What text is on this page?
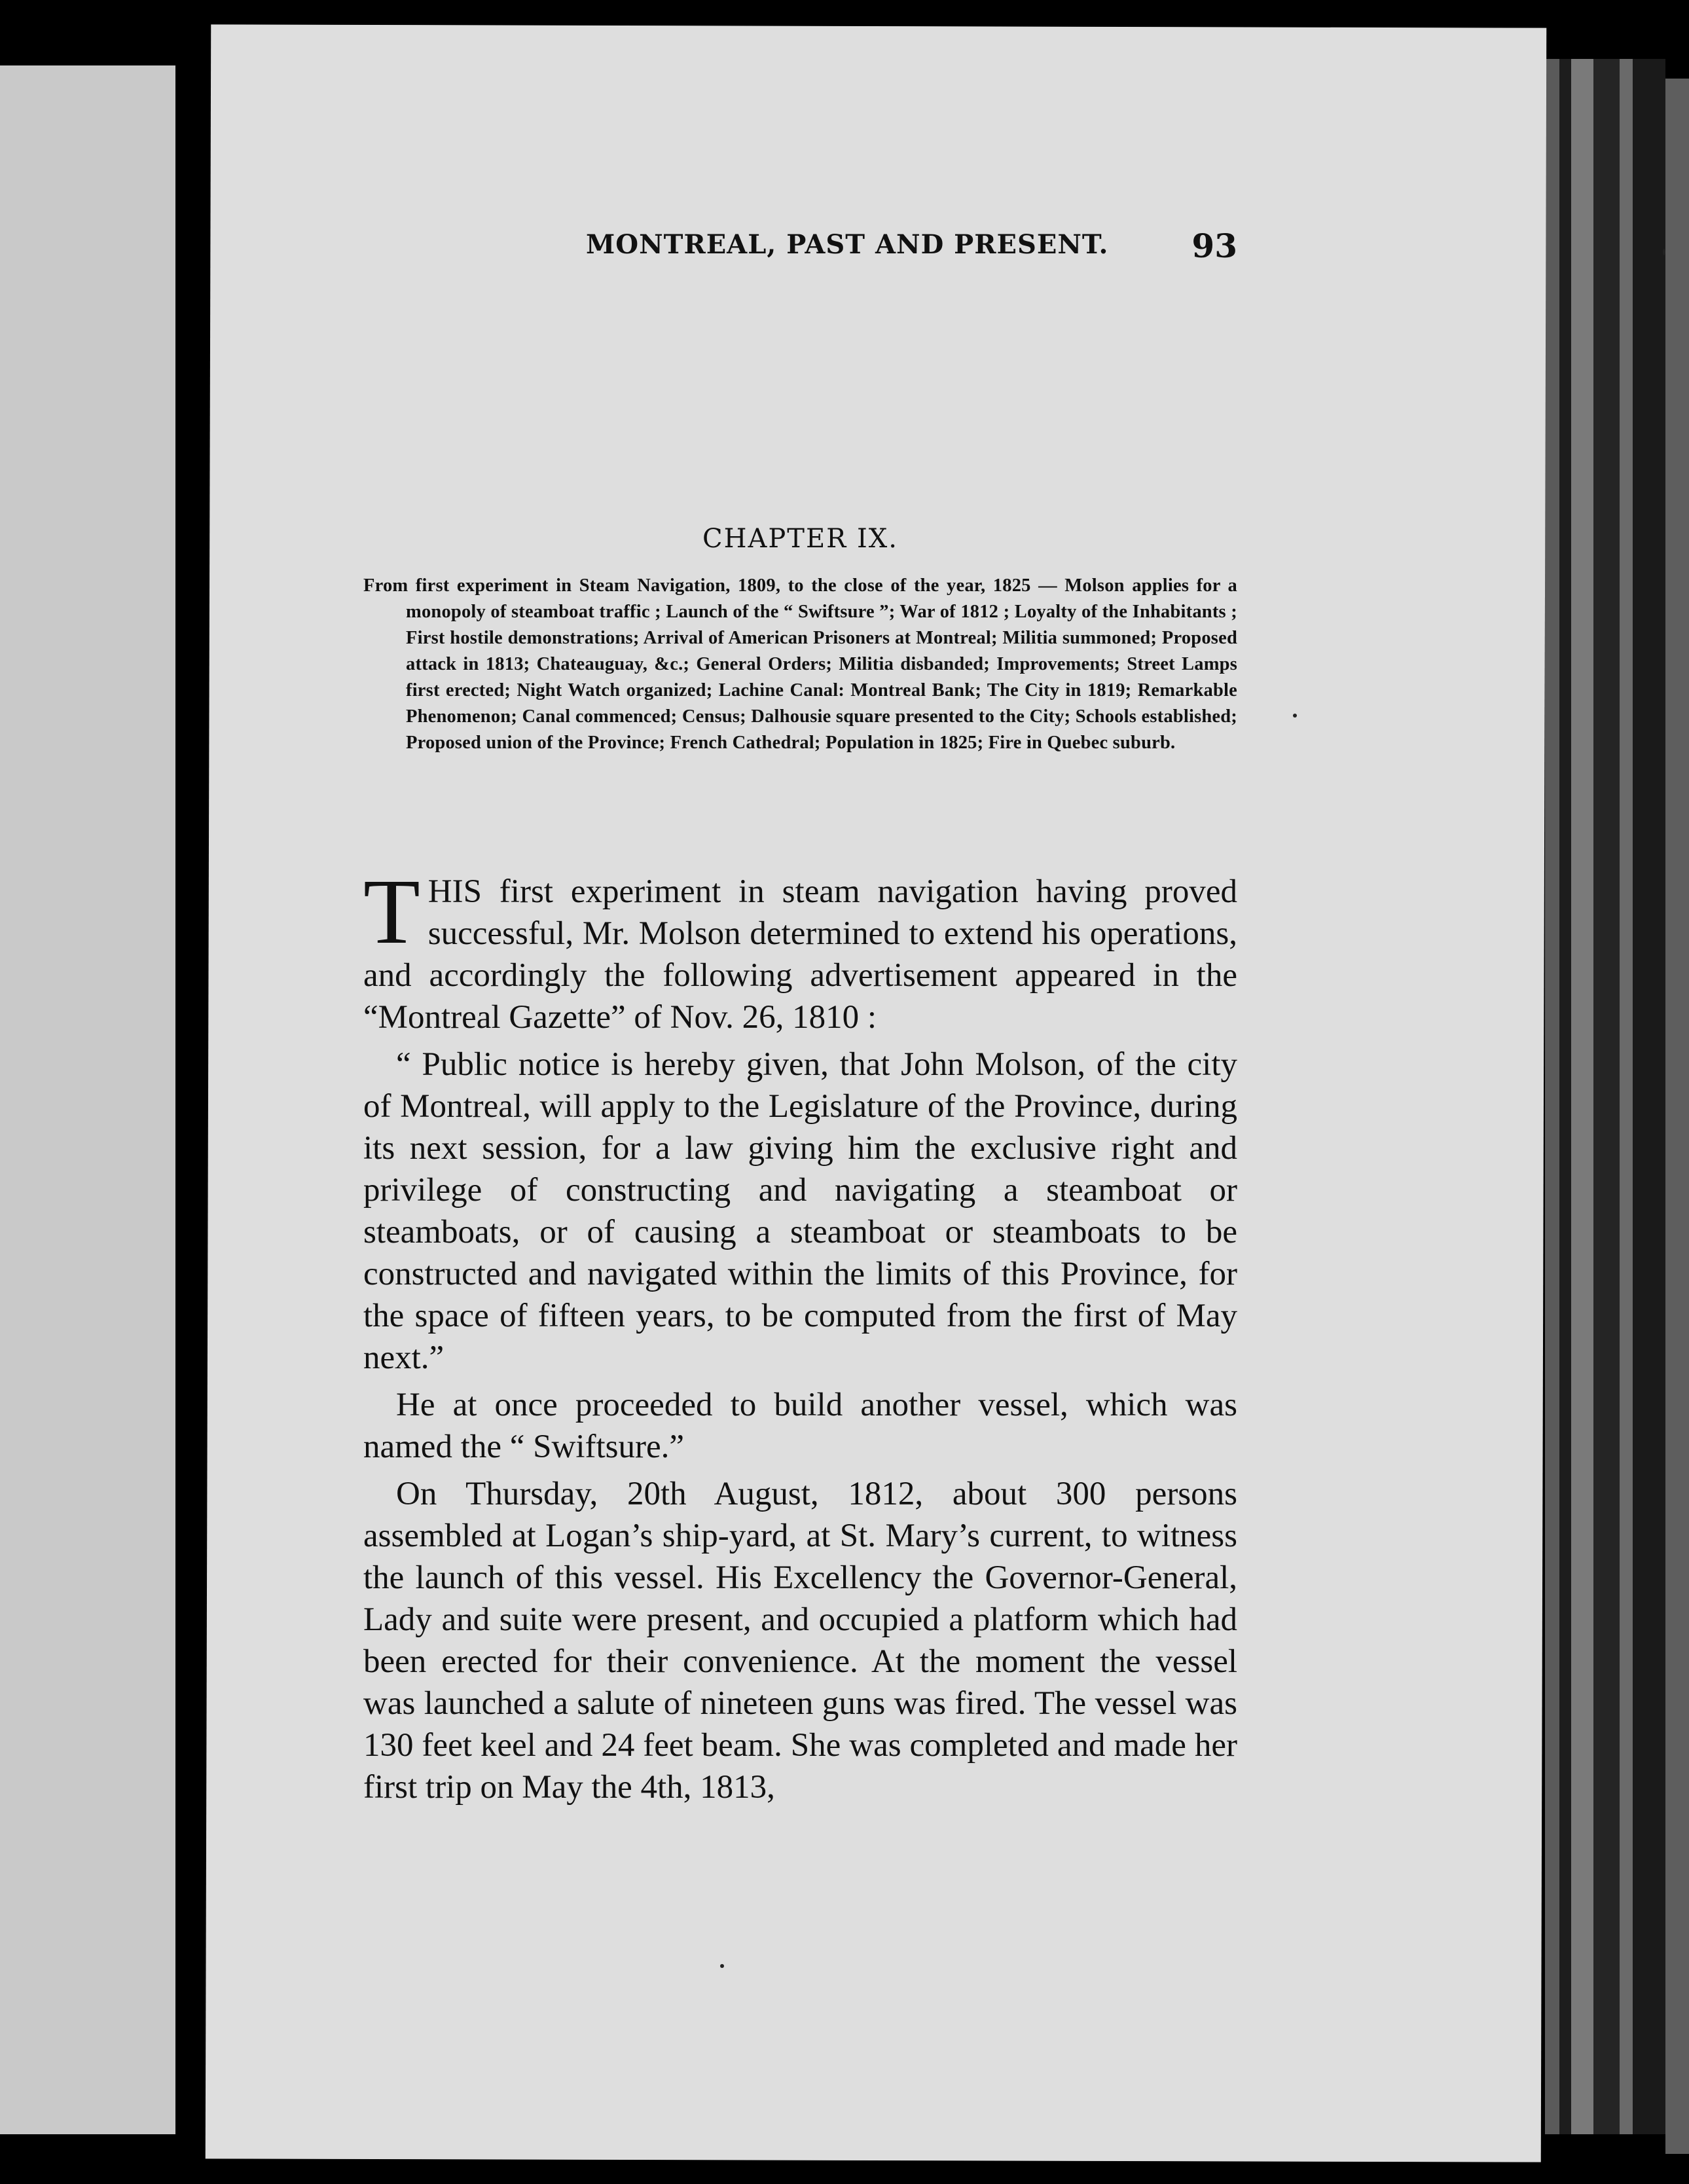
MONTREAL, PAST AND PRESENT.	93
CHAPTER IX.
From first experiment in Steam Navigation, 1809, to the close of the year, 1825 — Molson applies for a monopoly of steamboat traffic ; Launch of the “ Swiftsure ”; War of 1812 ; Loyalty of the Inhabitants ; First hostile demonstrations; Arrival of American Prisoners at Montreal; Militia summoned; Proposed attack in 1813; Chateauguay, &c.; General Orders; Militia disbanded; Improvements; Street Lamps first erected; Night Watch organized; Lachine Canal: Montreal Bank; The City in 1819; Remarkable Phenomenon; Canal commenced; Census; Dalhousie square presented to the City; Schools established; Proposed union of the Province; French Cathedral; Population in 1825; Fire in Quebec suburb.

THIS first experiment in steam navigation having proved successful, Mr. Molson determined to extend his operations, and accordingly the following advertisement appeared in the “Montreal Gazette” of Nov. 26, 1810 :

“ Public notice is hereby given, that John Molson, of the city of Montreal, will apply to the Legislature of the Province, during its next session, for a law giving him the exclusive right and privilege of constructing and navigating a steamboat or steamboats, or of causing a steamboat or steamboats to be constructed and navigated within the limits of this Province, for the space of fifteen years, to be computed from the first of May next.”

He at once proceeded to build another vessel, which was named the “ Swiftsure.”

On Thursday, 20th August, 1812, about 300 persons assembled at Logan’s ship-yard, at St. Mary’s current, to witness the launch of this vessel. His Excellency the Governor-General, Lady and suite were present, and occupied a platform which had been erected for their convenience. At the moment the vessel was launched a salute of nineteen guns was fired. The vessel was 130 feet keel and 24 feet beam. She was completed and made her first trip on May the 4th, 1813,
